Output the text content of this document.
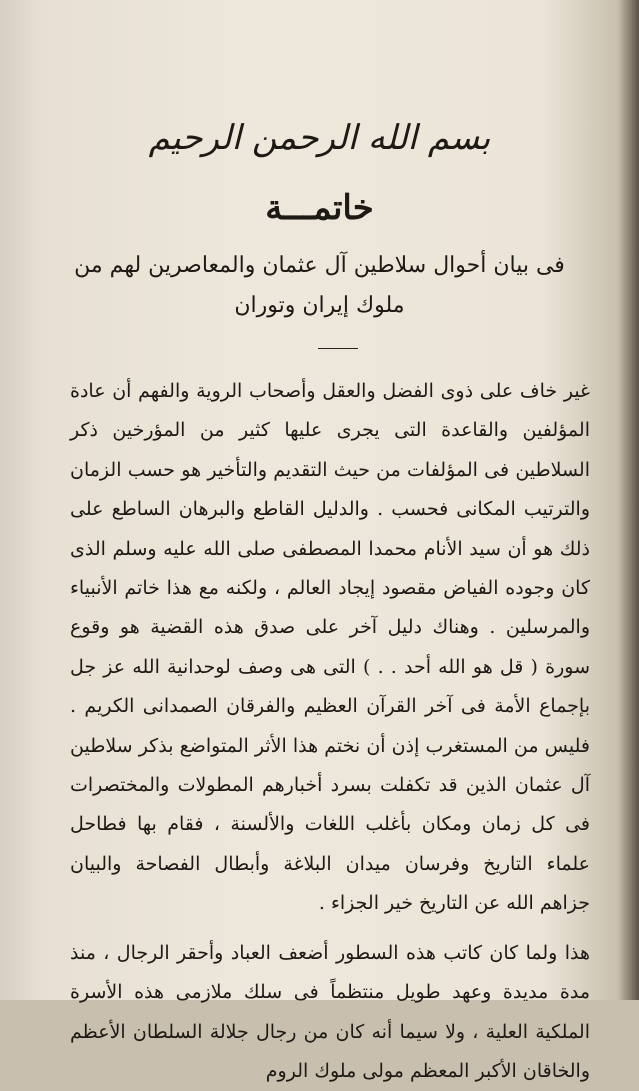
بسم الله الرحمن الرحيم
خاتمـــة
فى بيان أحوال سلاطين آل عثمان والمعاصرين لهم من ملوك إيران وتوران

غير خاف على ذوى الفضل والعقل وأصحاب الروية والفهم أن عادة المؤلفين والقاعدة التى يجرى عليها كثير من المؤرخين ذكر السلاطين فى المؤلفات من حيث التقديم والتأخير هو حسب الزمان والترتيب المكانى فحسب . والدليل القاطع والبرهان الساطع على ذلك هو أن سيد الأنام محمدا المصطفى صلى الله عليه وسلم الذى كان وجوده الفياض مقصود إيجاد العالم ، ولكنه مع هذا خاتم الأنبياء والمرسلين . وهناك دليل آخر على صدق هذه القضية هو وقوع سورة ( قل هو الله أحد . . ) التى هى وصف لوحدانية الله عز جل بإجماع الأمة فى آخر القرآن العظيم والفرقان الصمدانى الكريم . فليس من المستغرب إذن أن نختم هذا الأثر المتواضع بذكر سلاطين آل عثمان الذين قد تكفلت بسرد أخبارهم المطولات والمختصرات فى كل زمان ومكان بأغلب اللغات والألسنة ، فقام بها فطاحل علماء التاريخ وفرسان ميدان البلاغة وأبطال الفصاحة والبيان جزاهم الله عن التاريخ خير الجزاء .

هذا ولما كان كاتب هذه السطور أضعف العباد وأحقر الرجال ، منذ مدة مديدة وعهد طويل منتظماً فى سلك ملازمى هذه الأسرة الملكية العلية ، ولا سيما أنه كان من رجال جلالة السلطان الأعظم والخاقان الأكبر المعظم مولى ملوك الروم
